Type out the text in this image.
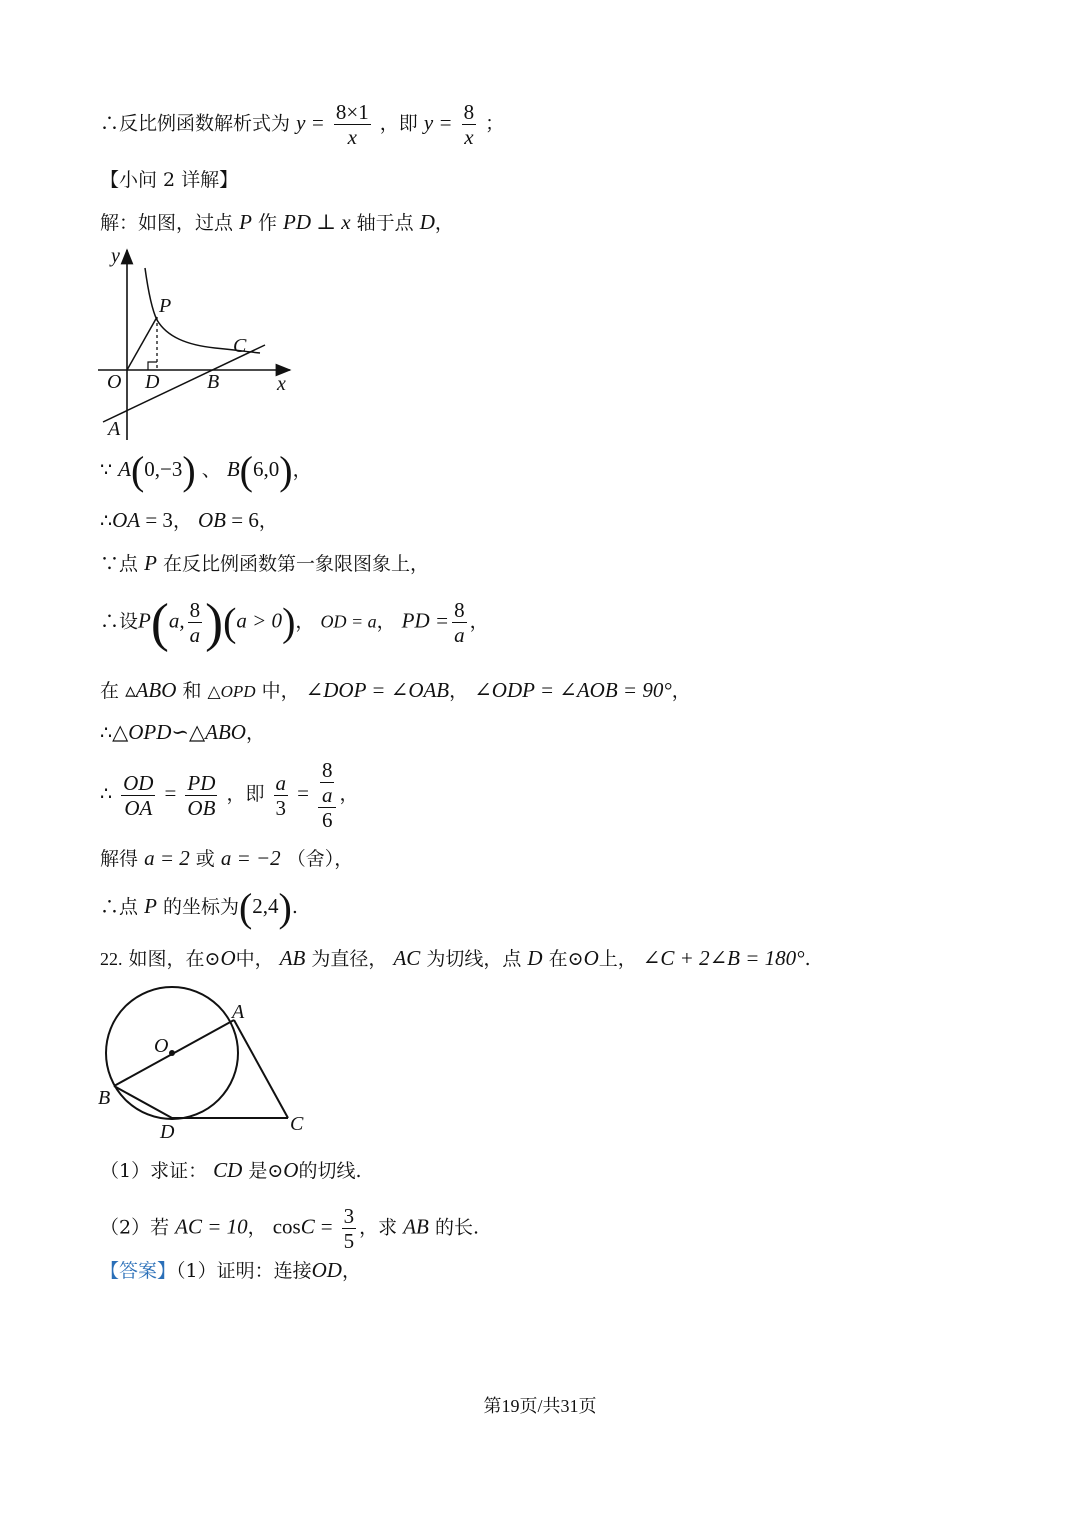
∴反比例函数解析式为 $y = \frac{8\times 1}{x}$ ，即 $y = \frac{8}{x}$ ；
【小问 2 详解】
解：如图，过点 P 作 PD ⊥ x 轴于点 D，
y
P
C
O D B	x
A
∵ A(0,−3) 、 B(6,0)，
∴OA = 3， OB = 6，
∵点 P 在反比例函数第一象限图象上，
∴设P(a, $\frac{8}{a} )(a > 0)$， OD = a， PD = $\frac{8}{a}$ ，
在 ▵ABO 和 △OPD 中， ∠DOP = ∠OAB， ∠ODP = ∠AOB = 90°，
∴△OPD∽△ABO，
∴ $\frac{OD}{OA} = \frac{PD}{OB}$ ，即 $\frac{a}{3} = \frac{\frac{8}{a}}{6}$ ，
解得 a = 2 或 a = −2 （舍），
∴点 P 的坐标为(2,4).
22. 如图，在⊙O中， AB 为直径， AC 为切线，点 D 在⊙O上， ∠C + 2∠B = 180°.
A
O
B
D	C
（1）求证： CD 是⊙O的切线.
（2）若 AC = 10， $\cos C = \frac{3}{5}$ ，求 AB 的长.
【答案】（1）证明：连接OD，
第19页/共31页
